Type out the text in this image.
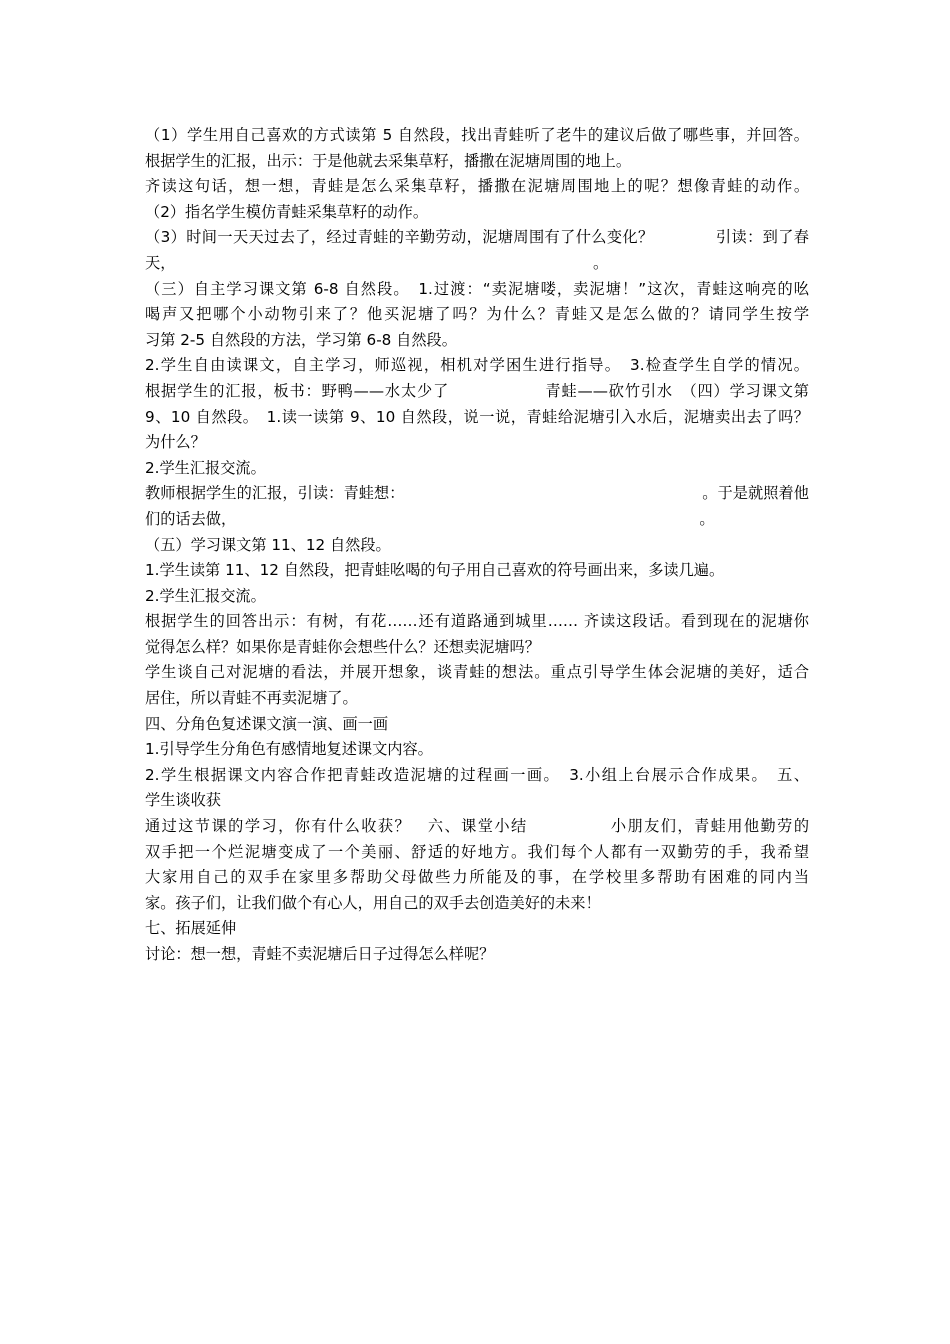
（1）学生用自己喜欢的方式读第 5 自然段，找出青蛙听了老牛的建议后做了哪些事，并回答。
根据学生的汇报，出示：于是他就去采集草籽，播撒在泥塘周围的地上。
齐读这句话，想一想，青蛙是怎么采集草籽，播撒在泥塘周围地上的呢？想像青蛙的动作。
（2）指名学生模仿青蛙采集草籽的动作。
（3）时间一天天过去了，经过青蛙的辛勤劳动，泥塘周围有了什么变化？　　　　引读：到了春
天，　　　　　　　　　　　　　　　　　　　　　　　　　　　　。
（三）自主学习课文第 6-8 自然段。　1.过渡：“卖泥塘喽，卖泥塘！”这次，青蛙这响亮的吆
喝声又把哪个小动物引来了？他买泥塘了吗？为什么？青蛙又是怎么做的？请同学生按学
习第 2-5 自然段的方法，学习第 6-8 自然段。
2.学生自由读课文，自主学习，师巡视，相机对学困生进行指导。　3.检查学生自学的情况。
根据学生的汇报，板书：野鸭——水太少了　　　　　　青蛙——砍竹引水　（四）学习课文第
9、10 自然段。　1.读一读第 9、10 自然段，说一说，青蛙给泥塘引入水后，泥塘卖出去了吗？
为什么？
2.学生汇报交流。
教师根据学生的汇报，引读：青蛙想：　　　　　　　　　　　　　　　　　　　　。于是就照着他
们的话去做，　　　　　　　　　　　　　　　　　　　　　　　　　　　　　　　。
（五）学习课文第 11、12 自然段。
1.学生读第 11、12 自然段，把青蛙吆喝的句子用自己喜欢的符号画出来，多读几遍。
2.学生汇报交流。
根据学生的回答出示：有树，有花……还有道路通到城里…… 齐读这段话。看到现在的泥塘你
觉得怎么样？如果你是青蛙你会想些什么？还想卖泥塘吗？
学生谈自己对泥塘的看法，并展开想象，谈青蛙的想法。重点引导学生体会泥塘的美好，适合
居住，所以青蛙不再卖泥塘了。
四、分角色复述课文演一演、画一画
1.引导学生分角色有感情地复述课文内容。
2.学生根据课文内容合作把青蛙改造泥塘的过程画一画。　3.小组上台展示合作成果。　五、
学生谈收获
通过这节课的学习，你有什么收获？　六、课堂小结　　　　　小朋友们，青蛙用他勤劳的
双手把一个烂泥塘变成了一个美丽、舒适的好地方。我们每个人都有一双勤劳的手，我希望
大家用自己的双手在家里多帮助父母做些力所能及的事，在学校里多帮助有困难的同内当
家。孩子们，让我们做个有心人，用自己的双手去创造美好的未来！
七、拓展延伸
讨论：想一想，青蛙不卖泥塘后日子过得怎么样呢？
